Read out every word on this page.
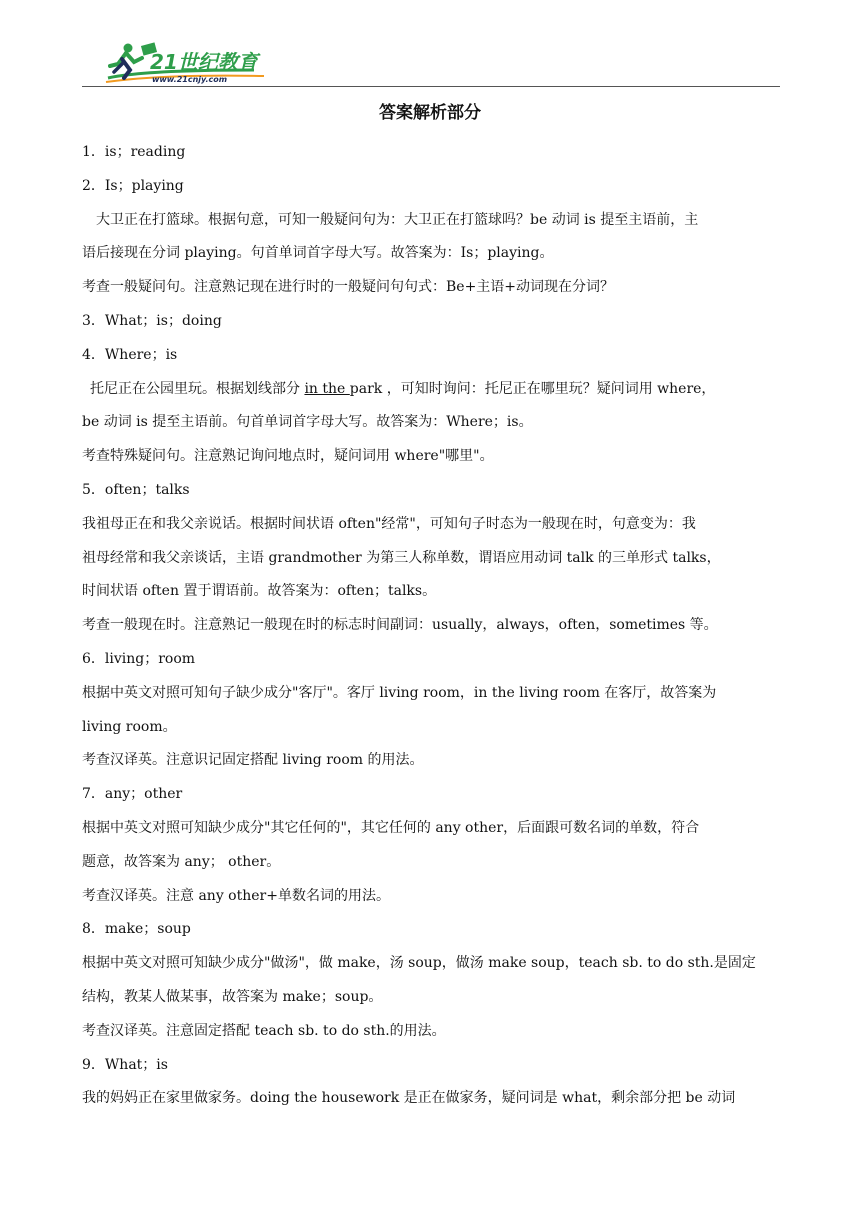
21世纪教育
www.21cnjy.com
答案解析部分
1．is；reading
2．Is；playing
大卫正在打篮球。根据句意，可知一般疑问句为：大卫正在打篮球吗？be 动词 is 提至主语前，主
语后接现在分词 playing。句首单词首字母大写。故答案为：Is；playing。
考查一般疑问句。注意熟记现在进行时的一般疑问句句式：Be+主语+动词现在分词？
3．What；is；doing
4．Where；is
托尼正在公园里玩。根据划线部分 in the park ，可知时询问：托尼正在哪里玩？疑问词用 where，
be 动词 is 提至主语前。句首单词首字母大写。故答案为：Where；is。
考查特殊疑问句。注意熟记询问地点时，疑问词用 where"哪里"。
5．often；talks
我祖母正在和我父亲说话。根据时间状语 often"经常"，可知句子时态为一般现在时，句意变为：我
祖母经常和我父亲谈话，主语 grandmother 为第三人称单数，谓语应用动词 talk 的三单形式 talks，
时间状语 often 置于谓语前。故答案为：often；talks。
考查一般现在时。注意熟记一般现在时的标志时间副词：usually，always，often，sometimes 等。
6．living；room
根据中英文对照可知句子缺少成分"客厅"。客厅 living room，in the living room 在客厅，故答案为
living room。
考查汉译英。注意识记固定搭配 living room 的用法。
7．any；other
根据中英文对照可知缺少成分"其它任何的"，其它任何的 any other，后面跟可数名词的单数，符合
题意，故答案为 any； other。
考查汉译英。注意 any other+单数名词的用法。
8．make；soup
根据中英文对照可知缺少成分"做汤"，做 make，汤 soup，做汤 make soup，teach sb. to do sth.是固定
结构，教某人做某事，故答案为 make；soup。
考查汉译英。注意固定搭配 teach sb. to do sth.的用法。
9．What；is
我的妈妈正在家里做家务。doing the housework 是正在做家务，疑问词是 what，剩余部分把 be 动词
